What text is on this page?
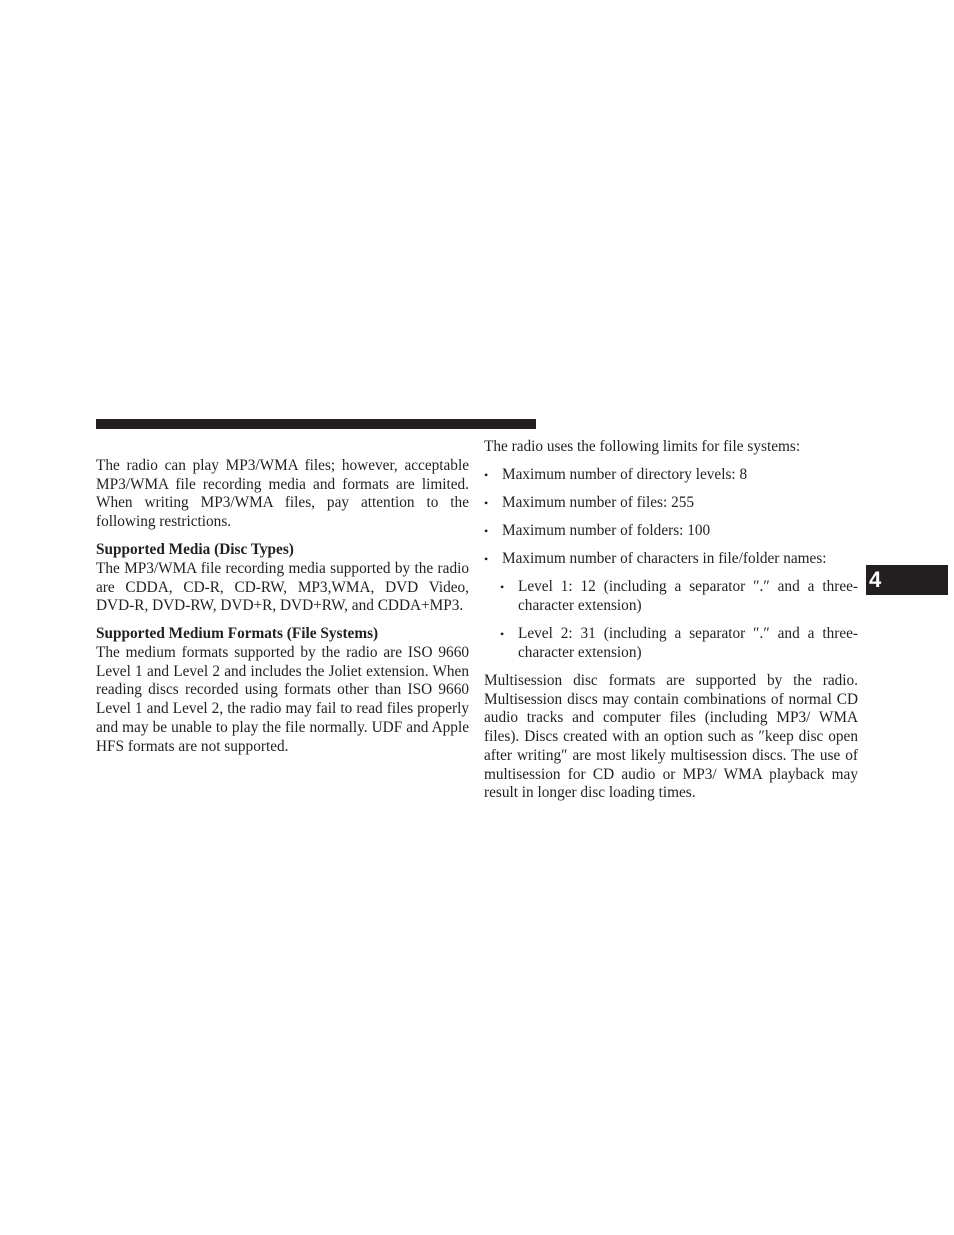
The radio can play MP3/WMA files; however, acceptable MP3/WMA file recording media and formats are limited. When writing MP3/WMA files, pay attention to the following restrictions.

Supported Media (Disc Types)

The MP3/WMA file recording media supported by the radio are CDDA, CD-R, CD-RW, MP3,WMA, DVD Video, DVD-R, DVD-RW, DVD+R, DVD+RW, and CDDA+MP3.

Supported Medium Formats (File Systems)

The medium formats supported by the radio are ISO 9660 Level 1 and Level 2 and includes the Joliet extension. When reading discs recorded using formats other than ISO 9660 Level 1 and Level 2, the radio may fail to read files properly and may be unable to play the file normally. UDF and Apple HFS formats are not supported.

The radio uses the following limits for file systems:

• Maximum number of directory levels: 8
• Maximum number of files: 255
• Maximum number of folders: 100
• Maximum number of characters in file/folder names:
• Level 1: 12 (including a separator ″.″ and a three-character extension)
• Level 2: 31 (including a separator ″.″ and a three-character extension)

Multisession disc formats are supported by the radio. Multisession discs may contain combinations of normal CD audio tracks and computer files (including MP3/ WMA files). Discs created with an option such as ″keep disc open after writing″ are most likely multisession discs. The use of multisession for CD audio or MP3/ WMA playback may result in longer disc loading times.

4
